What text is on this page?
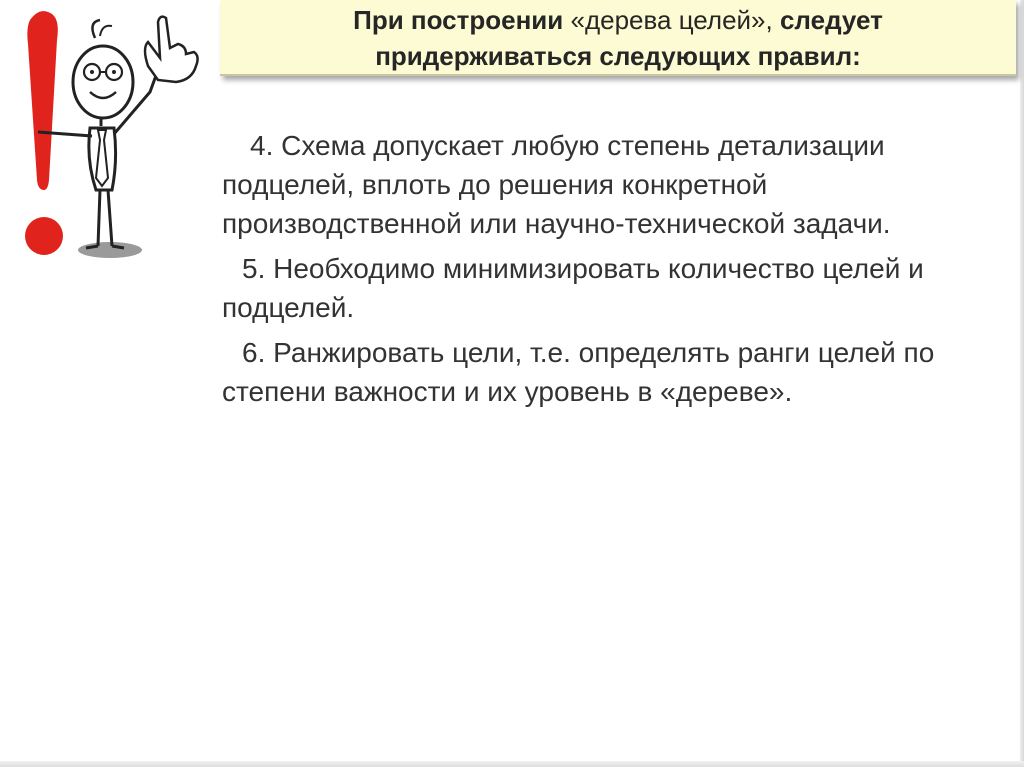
При построении «дерева целей», следует

придерживаться следующих правил:

4. Схема допускает любую степень детализации подцелей, вплоть до решения конкретной производственной или научно-технической задачи.

5. Необходимо минимизировать количество целей и подцелей.

6. Ранжировать цели, т.е. определять ранги целей по степени важности и их уровень в «дереве».
